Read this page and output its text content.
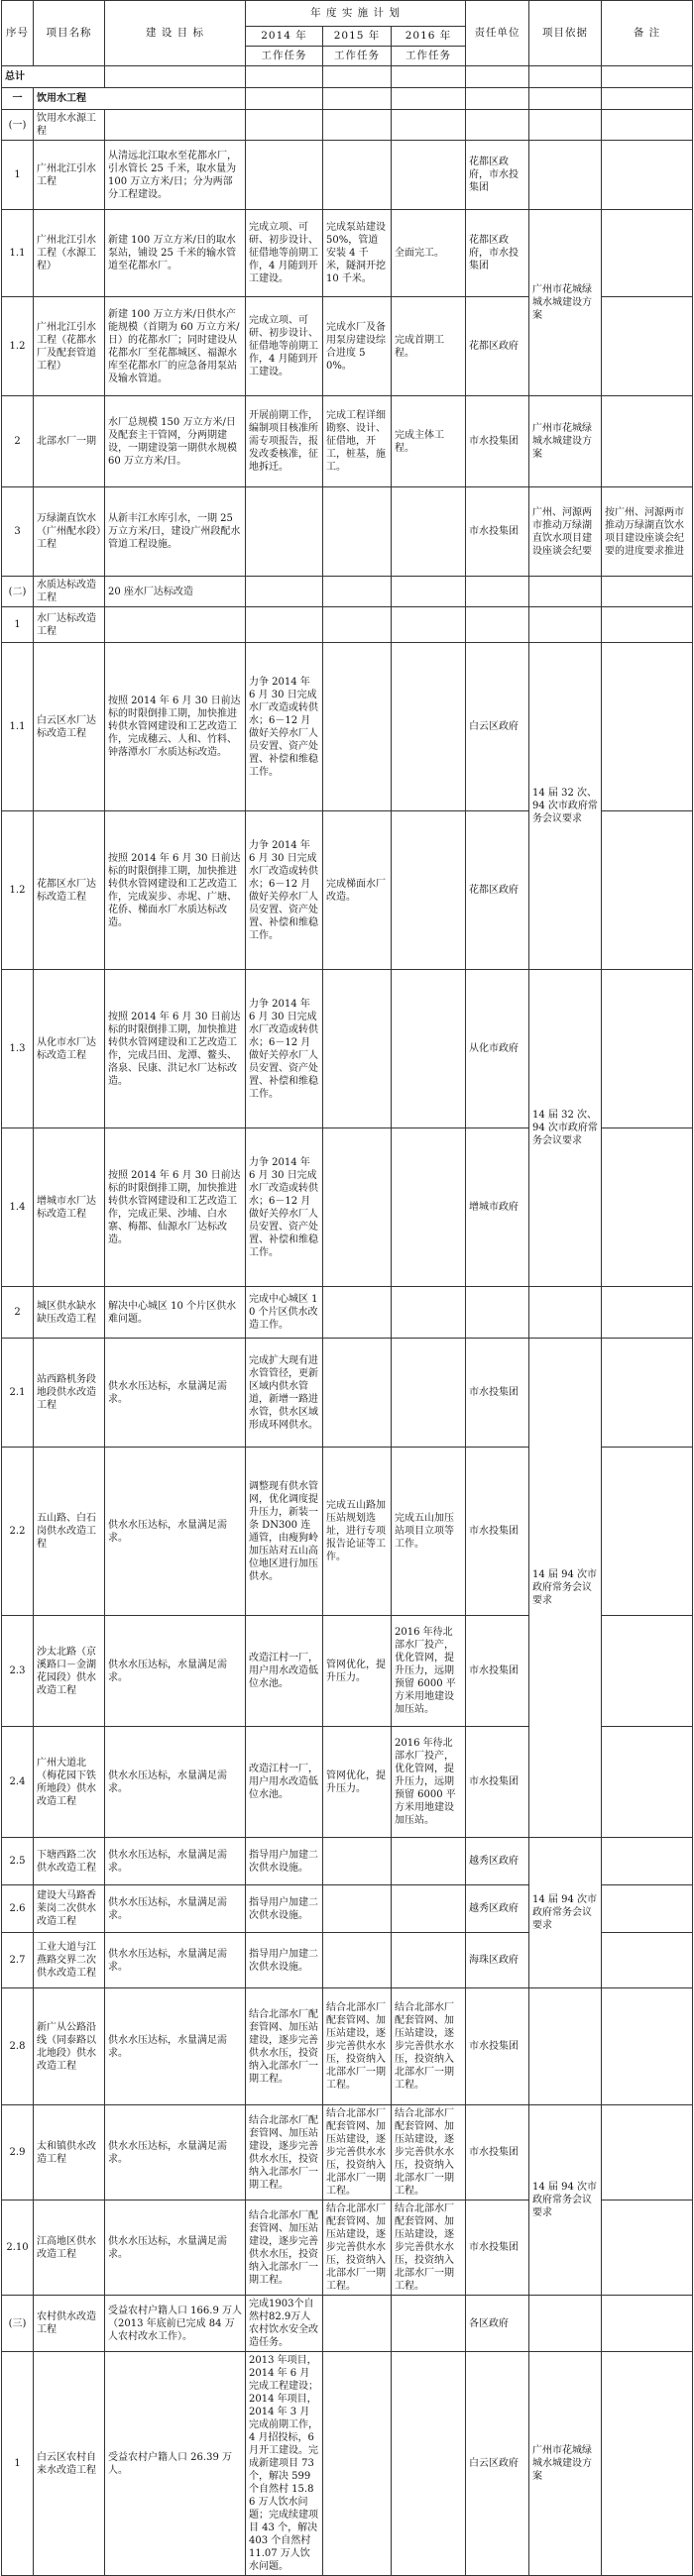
序号	项目名称	建 设 目 标	年 度 实 施 计 划			责任单位	项目依据	备 注
			2014 年	2015 年	2016 年			
			工作任务	工作任务	工作任务			
总计								
一	饮用水工程							
(一)	饮用水水源工程							
1	广州北江引水工程	从清远北江取水至花都水厂，引水管长 25 千米，取水量为 100 万立方米/日；分为两部分工程建设。				花都区政府，市水投集团		
1.1	广州北江引水工程（水源工程）	新建 100 万立方米/日的取水泵站，铺设 25 千米的输水管道至花都水厂。	完成立项、可研、初步设计、征借地等前期工作，4 月随到开工建设。	完成泵站建设 50%，管道安装 4 千米，隧洞开挖 10 千米。	全面完工。	花都区政府，市水投集团	广州市花城绿城水城建设方案	
1.2	广州北江引水工程（花都水厂及配套管道工程）	新建 100 万立方米/日供水产能规模（首期为 60 万立方米/日）的花都水厂；同时建设从花都水厂至花都城区、福源水库至花都水厂的应急备用泵站及输水管道。	完成立项、可研、初步设计、征借地等前期工作，4 月随到开工建设。	完成水厂及备用泵房建设综合进度 50%。	完成首期工程。	花都区政府		
2	北部水厂一期	水厂总规模 150 万立方米/日及配套主干管网，分两期建设，一期建设第一期供水规模 60 万立方米/日。	开展前期工作，编制项目核准所需专项报告，报发改委核准，征地拆迁。	完成工程详细勘察、设计、征借地，开工，桩基，施工。	完成主体工程。	市水投集团	广州市花城绿城水城建设方案	
3	万绿湖直饮水（广州配水段）工程	从新丰江水库引水，一期 25 万立方米/日，建设广州段配水管道工程设施。				市水投集团	广州、河源两市推动万绿湖直饮水项目建设座谈会纪要	按广州、河源两市推动万绿湖直饮水项目建设座谈会纪要的进度要求推进
(二)	水质达标改造工程	20 座水厂达标改造						
1	水厂达标改造工程							
1.1	白云区水厂达标改造工程	按照 2014 年 6 月 30 日前达标的时限倒排工期，加快推进转供水管网建设和工艺改造工作，完成穗云、人和、竹料、钟落潭水厂水质达标改造。	力争 2014 年 6 月 30 日完成水厂改造或转供水；6－12 月做好关停水厂人员安置、资产处置、补偿和维稳工作。			白云区政府	14 届 32 次、94 次市政府常务会议要求	
1.2	花都区水厂达标改造工程	按照 2014 年 6 月 30 日前达标的时限倒排工期，加快推进转供水管网建设和工艺改造工作，完成炭步、赤坭、广塘、花侨、梯面水厂水质达标改造。	力争 2014 年 6 月 30 日完成水厂改造或转供水；6－12 月做好关停水厂人员安置、资产处置、补偿和维稳工作。	完成梯面水厂改造。		花都区政府		
1.3	从化市水厂达标改造工程	按照 2014 年 6 月 30 日前达标的时限倒排工期，加快推进转供水管网建设和工艺改造工作，完成吕田、龙潭、鳌头、洛泉、民康、洪记水厂达标改造。	力争 2014 年 6 月 30 日完成水厂改造或转供水；6－12 月做好关停水厂人员安置、资产处置、补偿和维稳工作。			从化市政府	14 届 32 次、94 次市政府常务会议要求	
1.4	增城市水厂达标改造工程	按照 2014 年 6 月 30 日前达标的时限倒排工期，加快推进转供水管网建设和工艺改造工作，完成正果、沙埔、白水寨、梅都、仙源水厂达标改造。	力争 2014 年 6 月 30 日完成水厂改造或转供水；6－12 月做好关停水厂人员安置、资产处置、补偿和维稳工作。			增城市政府		
2	城区供水缺水缺压改造工程	解决中心城区 10 个片区供水难问题。	完成中心城区 10 个片区供水改造工作。					
2.1	站西路机务段地段供水改造工程	供水水压达标，水量满足需求。	完成扩大现有进水管管径，更新区域内供水管道，新增一路进水管，供水区域形成环网供水。			市水投集团	14 届 94 次市政府常务会议要求	
2.2	五山路、白石岗供水改造工程	供水水压达标，水量满足需求。	调整现有供水管网，优化调度提升压力，新装一条 DN300 连通管，由瘦狗岭加压站对五山高位地区进行加压供水。	完成五山路加压站规划选址，进行专项报告论证等工作。	完成五山加压站项目立项等工作。	市水投集团		
2.3	沙太北路（京溪路口－金湖花园段）供水改造工程	供水水压达标，水量满足需求。	改造江村一厂，用户用水改造低位水池。	管网优化，提升压力。	2016 年待北部水厂投产，优化管网，提升压力，远期预留 6000 平方米用地建设加压站。	市水投集团		
2.4	广州大道北（梅花园下铁所地段）供水改造工程	供水水压达标，水量满足需求。	改造江村一厂，用户用水改造低位水池。	管网优化，提升压力。	2016 年待北部水厂投产，优化管网，提升压力，远期预留 6000 平方米用地建设加压站。	市水投集团		
2.5	下塘西路二次供水改造工程	供水水压达标，水量满足需求。	指导用户加建二次供水设施。			越秀区政府	14 届 94 次市政府常务会议要求	
2.6	建设大马路香莱岗二次供水改造工程	供水水压达标，水量满足需求。	指导用户加建二次供水设施。			越秀区政府		
2.7	工业大道与江燕路交界二次供水改造工程	供水水压达标，水量满足需求。	指导用户加建二次供水设施。			海珠区政府		
2.8	新广从公路沿线（同泰路以北地段）供水改造工程	供水水压达标，水量满足需求。	结合北部水厂配套管网、加压站建设，逐步完善供水水压，投资纳入北部水厂一期工程。	结合北部水厂配套管网、加压站建设，逐步完善供水水压，投资纳入北部水厂一期工程。	结合北部水厂配套管网、加压站建设，逐步完善供水水压，投资纳入北部水厂一期工程。	市水投集团		
2.9	太和镇供水改造工程	供水水压达标，水量满足需求。	结合北部水厂配套管网、加压站建设，逐步完善供水水压，投资纳入北部水厂一期工程。	结合北部水厂配套管网、加压站建设，逐步完善供水水压，投资纳入北部水厂一期工程。	结合北部水厂配套管网、加压站建设，逐步完善供水水压，投资纳入北部水厂一期工程。	市水投集团	14 届 94 次市政府常务会议要求	
2.10	江高地区供水改造工程	供水水压达标，水量满足需求。	结合北部水厂配套管网、加压站建设，逐步完善供水水压，投资纳入北部水厂一期工程。	结合北部水厂配套管网、加压站建设，逐步完善供水水压，投资纳入北部水厂一期工程。	结合北部水厂配套管网、加压站建设，逐步完善供水水压，投资纳入北部水厂一期工程。	市水投集团		
(三)	农村供水改造工程	受益农村户籍人口 166.9 万人（2013 年底前已完成 84 万人农村改水工作）。	完成1903个自然村82.9万人农村饮水安全改造任务。			各区政府		
1	白云区农村自来水改造工程	受益农村户籍人口 26.39 万人。	2013 年项目，2014 年 6 月完成工程建设；2014 年项目，2014 年 3 月完成前期工作，4 月招投标，6 月开工建设。完成新建项目 73 个，解决 599 个自然村 15.86 万人饮水问题；完成续建项目 43 个，解决 403 个自然村 11.07 万人饮水问题。			白云区政府	广州市花城绿城水城建设方案	
